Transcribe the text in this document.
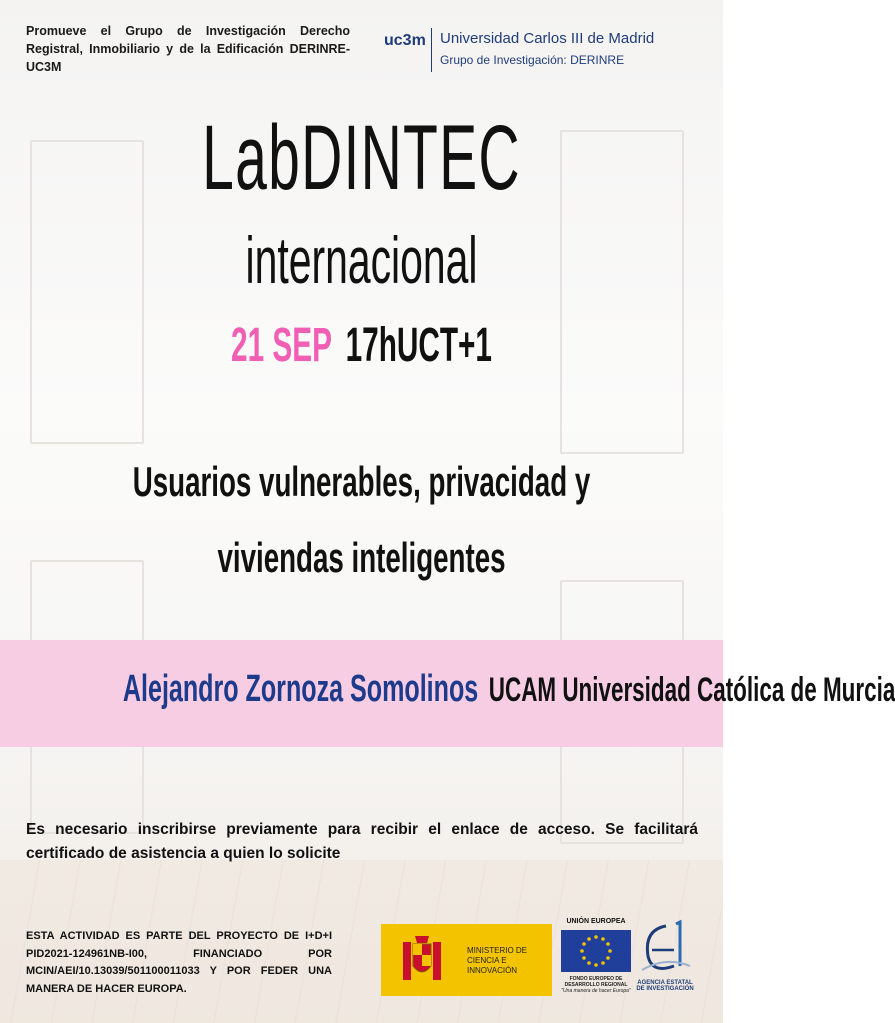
Promueve el Grupo de Investigación Derecho Registral, Inmobiliario y de la Edificación DERINRE-UC3M
uc3m Universidad Carlos III de Madrid
Grupo de Investigación: DERINRE
LabDINTEC
internacional
21 SEP 17hUCT+1
Usuarios vulnerables, privacidad y
viviendas inteligentes
Alejandro Zornoza Somolinos UCAM Universidad Católica de Murcia
Es necesario inscribirse previamente para recibir el enlace de acceso. Se facilitará certificado de asistencia a quien lo solicite
ESTA ACTIVIDAD ES PARTE DEL PROYECTO DE I+D+I PID2021-124961NB-I00, FINANCIADO POR MCIN/AEI/10.13039/501100011033 Y POR FEDER UNA MANERA DE HACER EUROPA.
MINISTERIO DE CIENCIA E INNOVACIÓN
UNIÓN EUROPEA
FONDO EUROPEO DE DESARROLLO REGIONAL
"Una manera de hacer Europa"
AGENCIA ESTATAL DE INVESTIGACIÓN
